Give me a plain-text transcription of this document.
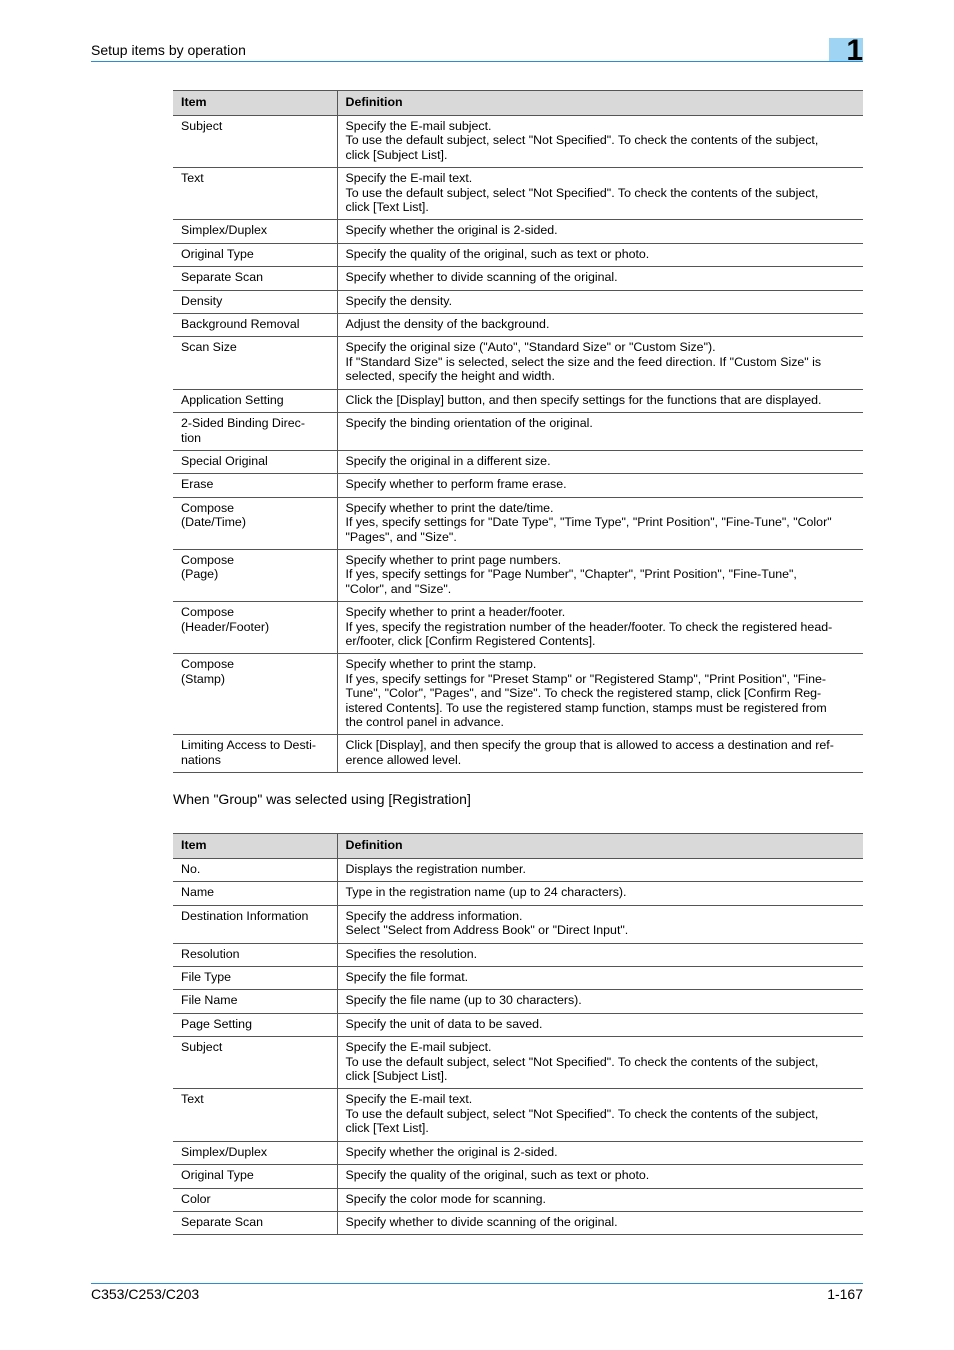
Setup items by operation	1
Item	Definition

Subject	Specify the E-mail subject.
To use the default subject, select "Not Specified". To check the contents of the subject,
click [Subject List].

Text	Specify the E-mail text.
To use the default subject, select "Not Specified". To check the contents of the subject,
click [Text List].

Simplex/Duplex	Specify whether the original is 2-sided.

Original Type	Specify the quality of the original, such as text or photo.

Separate Scan	Specify whether to divide scanning of the original.

Density	Specify the density.

Background Removal	Adjust the density of the background.

Scan Size	Specify the original size ("Auto", "Standard Size" or "Custom Size").
If "Standard Size" is selected, select the size and the feed direction. If "Custom Size" is
selected, specify the height and width.

Application Setting	Click the [Display] button, and then specify settings for the functions that are displayed.

2-Sided Binding Direc-
tion	Specify the binding orientation of the original.

Special Original	Specify the original in a different size.

Erase	Specify whether to perform frame erase.

Compose
(Date/Time)	Specify whether to print the date/time.
If yes, specify settings for "Date Type", "Time Type", "Print Position", "Fine-Tune", "Color"
"Pages", and "Size".

Compose
(Page)	Specify whether to print page numbers.
If yes, specify settings for "Page Number", "Chapter", "Print Position", "Fine-Tune",
"Color", and "Size".

Compose
(Header/Footer)	Specify whether to print a header/footer.
If yes, specify the registration number of the header/footer. To check the registered head-
er/footer, click [Confirm Registered Contents].

Compose
(Stamp)	Specify whether to print the stamp.
If yes, specify settings for "Preset Stamp" or "Registered Stamp", "Print Position", "Fine-
Tune", "Color", "Pages", and "Size". To check the registered stamp, click [Confirm Reg-
istered Contents]. To use the registered stamp function, stamps must be registered from
the control panel in advance.

Limiting Access to Desti-
nations	Click [Display], and then specify the group that is allowed to access a destination and ref-
erence allowed level.
When "Group" was selected using [Registration]
Item	Definition

No.	Displays the registration number.

Name	Type in the registration name (up to 24 characters).

Destination Information	Specify the address information.
Select "Select from Address Book" or "Direct Input".

Resolution	Specifies the resolution.

File Type	Specify the file format.

File Name	Specify the file name (up to 30 characters).

Page Setting	Specify the unit of data to be saved.

Subject	Specify the E-mail subject.
To use the default subject, select "Not Specified". To check the contents of the subject,
click [Subject List].

Text	Specify the E-mail text.
To use the default subject, select "Not Specified". To check the contents of the subject,
click [Text List].

Simplex/Duplex	Specify whether the original is 2-sided.

Original Type	Specify the quality of the original, such as text or photo.

Color	Specify the color mode for scanning.

Separate Scan	Specify whether to divide scanning of the original.
C353/C253/C203	1-167
